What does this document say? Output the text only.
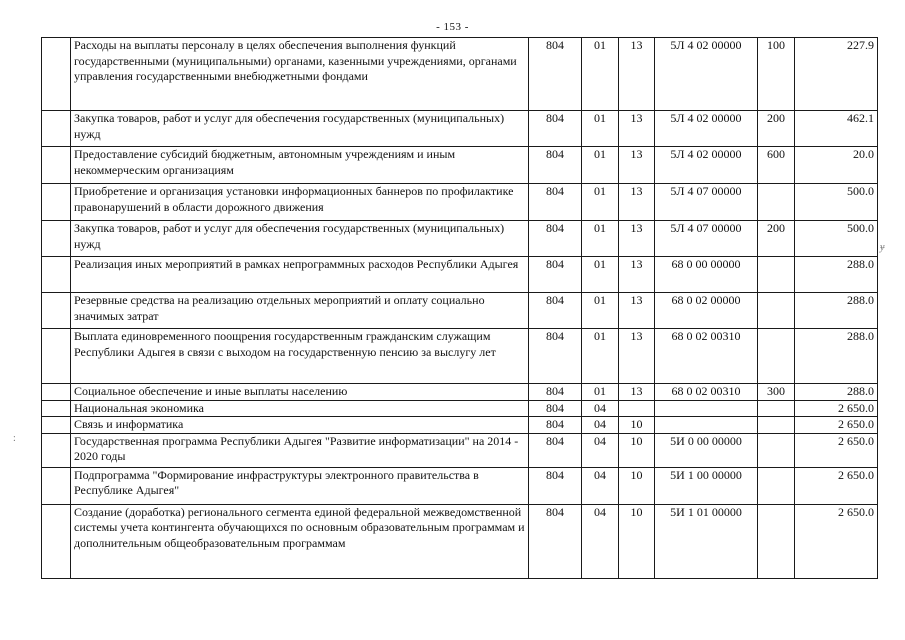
- 153 -
	Расходы на выплаты персоналу в целях обеспечения выполнения функций государственными (муниципальными) органами, казенными учреждениями, органами управления государственными внебюджетными фондами	804	01	13	5Л 4 02 00000	100	227.9
	Закупка товаров, работ и услуг для обеспечения государственных (муниципальных) нужд	804	01	13	5Л 4 02 00000	200	462.1
	Предоставление субсидий бюджетным, автономным учреждениям и иным некоммерческим организациям	804	01	13	5Л 4 02 00000	600	20.0
	Приобретение и организация установки информационных баннеров по профилактике правонарушений в области дорожного движения	804	01	13	5Л 4 07 00000		500.0
	Закупка товаров, работ и услуг для обеспечения государственных (муниципальных) нужд	804	01	13	5Л 4 07 00000	200	500.0
	Реализация иных мероприятий в рамках непрограммных расходов Республики Адыгея	804	01	13	68 0 00 00000		288.0
	Резервные средства на реализацию отдельных мероприятий и оплату социально значимых затрат	804	01	13	68 0 02 00000		288.0
	Выплата единовременного поощрения государственным гражданским служащим Республики Адыгея в связи с выходом на государственную пенсию за выслугу лет	804	01	13	68 0 02 00310		288.0
	Социальное обеспечение и иные выплаты населению	804	01	13	68 0 02 00310	300	288.0
	Национальная экономика	804	04				2 650.0
	Связь и информатика	804	04	10			2 650.0
	Государственная программа Республики Адыгея "Развитие информатизации" на 2014 - 2020 годы	804	04	10	5И 0 00 00000		2 650.0
	Подпрограмма "Формирование инфраструктуры электронного правительства в Республике Адыгея"	804	04	10	5И 1 00 00000		2 650.0
	Создание (доработка) регионального сегмента единой федеральной межведомственной системы учета контингента обучающихся по основным образовательным программам и дополнительным общеобразовательным программам	804	04	10	5И 1 01 00000		2 650.0
ɏ
:
